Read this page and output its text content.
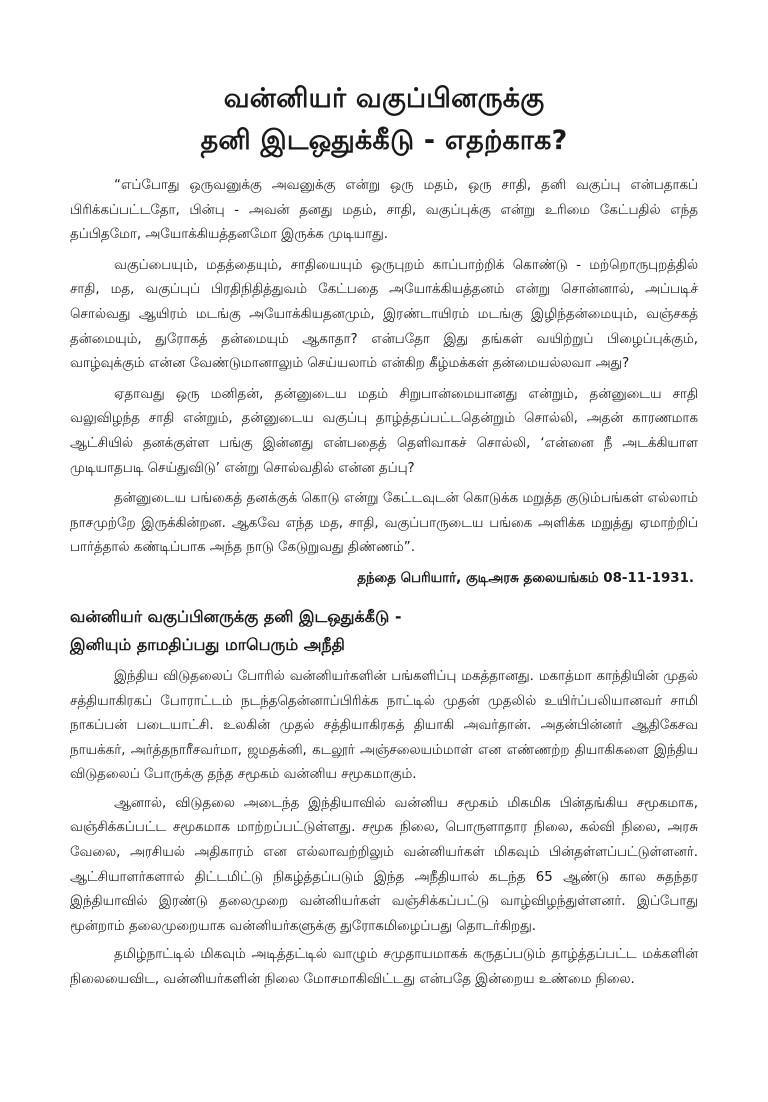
வன்னியர் வகுப்பினருக்கு
தனி இடஒதுக்கீடு - எதற்காக?

“எப்போது ஒருவனுக்கு அவனுக்கு என்று ஒரு மதம், ஒரு சாதி, தனி வகுப்பு என்பதாகப் பிரிக்கப்பட்டதோ, பின்பு - அவன் தனது மதம், சாதி, வகுப்புக்கு என்று உரிமை கேட்பதில் எந்த தப்பிதமோ, அயோக்கியத்தனமோ இருக்க முடியாது.

வகுப்பையும், மதத்தையும், சாதியையும் ஒருபுறம் காப்பாற்றிக் கொண்டு - மற்றொருபுறத்தில் சாதி, மத, வகுப்புப் பிரதிநிதித்துவம் கேட்பதை அயோக்கியத்தனம் என்று சொன்னால், அப்படிச் சொல்வது ஆயிரம் மடங்கு அயோக்கியதனமும், இரண்டாயிரம் மடங்கு இழிந்தன்மையும், வஞ்சகத் தன்மையும், துரோகத் தன்மையும் ஆகாதா? என்பதோ இது தங்கள் வயிற்றுப் பிழைப்புக்கும், வாழ்வுக்கும் என்ன வேண்டுமானாலும் செய்யலாம் என்கிற கீழ்மக்கள் தன்மையல்லவா அது?

ஏதாவது ஒரு மனிதன், தன்னுடைய மதம் சிறுபான்மையானது என்றும், தன்னுடைய சாதி வலுவிழந்த சாதி என்றும், தன்னுடைய வகுப்பு தாழ்த்தப்பட்டதென்றும் சொல்லி, அதன் காரணமாக ஆட்சியில் தனக்குள்ள பங்கு இன்னது என்பதைத் தெளிவாகச் சொல்லி, ‘என்னை நீ அடக்கியாள முடியாதபடி செய்துவிடு’ என்று சொல்வதில் என்ன தப்பு?

தன்னுடைய பங்கைத் தனக்குக் கொடு என்று கேட்டவுடன் கொடுக்க மறுத்த குடும்பங்கள் எல்லாம் நாசமுற்றே இருக்கின்றன. ஆகவே எந்த மத, சாதி, வகுப்பாருடைய பங்கை அளிக்க மறுத்து ஏமாற்றிப் பார்த்தால் கண்டிப்பாக அந்த நாடு கேடுறுவது திண்ணம்”.

தந்தை பெரியார், குடிஅரசு தலையங்கம் 08-11-1931.
வன்னியர் வகுப்பினருக்கு தனி இடஒதுக்கீடு -
இனியும் தாமதிப்பது மாபெரும் அநீதி

இந்திய விடுதலைப் போரில் வன்னியர்களின் பங்களிப்பு மகத்தானது. மகாத்மா காந்தியின் முதல் சத்தியாகிரகப் போராட்டம் நடந்ததென்னாப்பிரிக்க நாட்டில் முதன் முதலில் உயிர்ப்பலியானவர் சாமி நாகப்பன் படையாட்சி. உலகின் முதல் சத்தியாகிரகத் தியாகி அவர்தான். அதன்பின்னர் ஆதிகேசவ நாயக்கர், அர்த்தநாரீசவர்மா, ஜமதக்னி, கடலூர் அஞ்சலையம்மாள் என எண்ணற்ற தியாகிகளை இந்திய விடுதலைப் போருக்கு தந்த சமூகம் வன்னிய சமூகமாகும்.

ஆனால், விடுதலை அடைந்த இந்தியாவில் வன்னிய சமூகம் மிகமிக பின்தங்கிய சமூகமாக, வஞ்சிக்கப்பட்ட சமூகமாக மாற்றப்பட்டுள்ளது. சமூக நிலை, பொருளாதார நிலை, கல்வி நிலை, அரசு வேலை, அரசியல் அதிகாரம் என எல்லாவற்றிலும் வன்னியர்கள் மிகவும் பின்தள்ளப்பட்டுள்ளனர். ஆட்சியாளர்களால் திட்டமிட்டு நிகழ்த்தப்படும் இந்த அநீதியால் கடந்த 65 ஆண்டு கால சுதந்தர இந்தியாவில் இரண்டு தலைமுறை வன்னியர்கள் வஞ்சிக்கப்பட்டு வாழ்விழந்துள்ளனர். இப்போது மூன்றாம் தலைமுறையாக வன்னியர்களுக்கு துரோகமிழைப்பது தொடர்கிறது.

தமிழ்நாட்டில் மிகவும் அடித்தட்டில் வாழும் சமுதாயமாகக் கருதப்படும் தாழ்த்தப்பட்ட மக்களின் நிலையைவிட, வன்னியர்களின் நிலை மோசமாகிவிட்டது என்பதே இன்றைய உண்மை நிலை.
